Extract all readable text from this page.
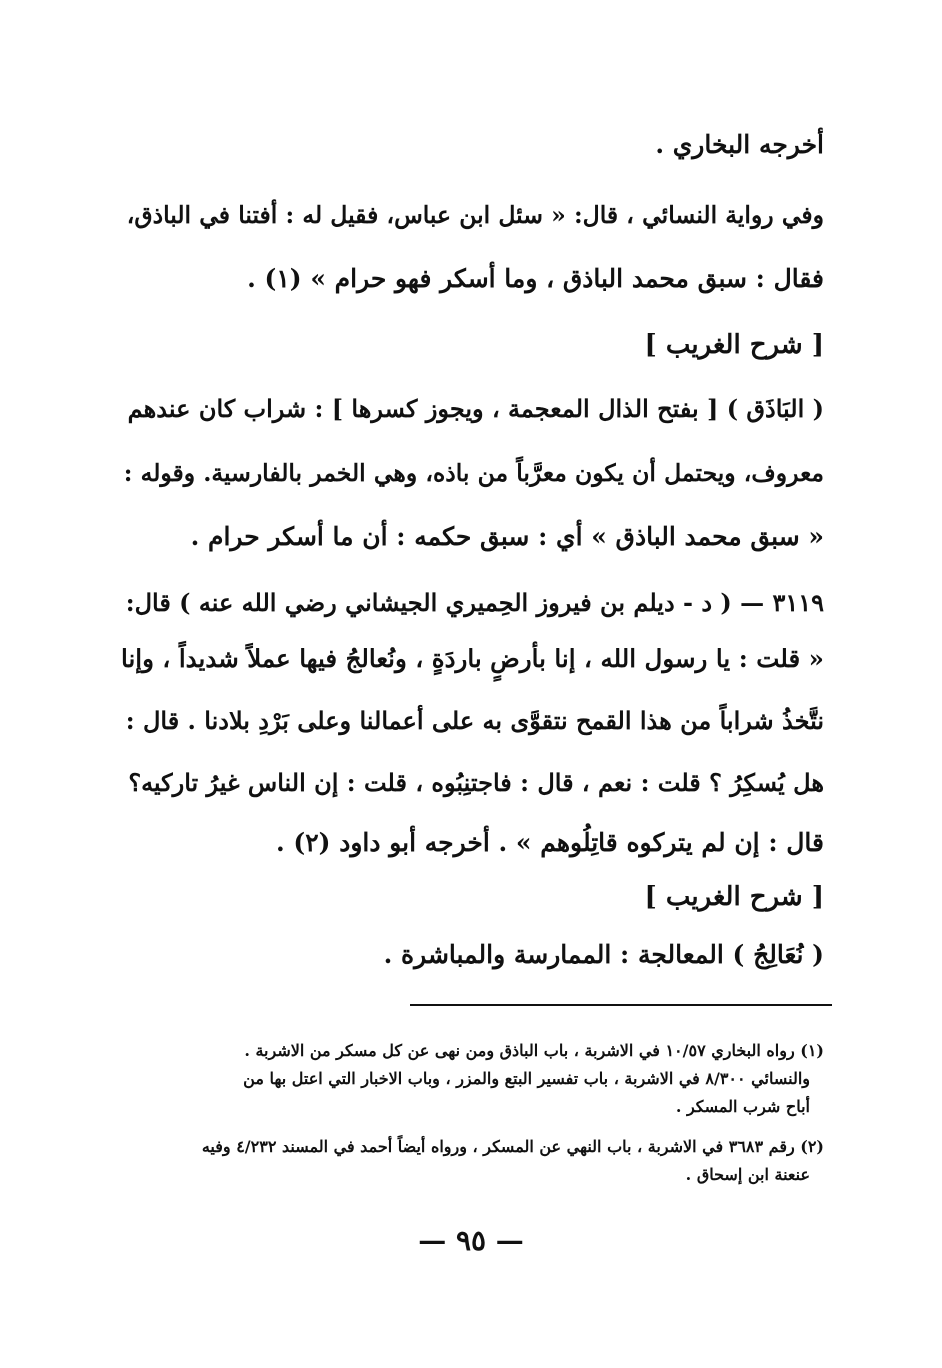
أخرجه البخاري .
وفي رواية النسائي ، قال: « سئل ابن عباس، فقيل له : أفتنا في الباذق،
فقال : سبق محمد الباذق ، وما أسكر فهو حرام » (١) .
[ شرح الغريب ]
( البَاذَق ) [ بفتح الذال المعجمة ، ويجوز كسرها ] : شراب كان عندهم
معروف، ويحتمل أن يكون معرَّباً من باذه، وهي الخمر بالفارسية. وقوله :
« سبق محمد الباذق » أي : سبق حكمه : أن ما أسكر حرام .
٣١١٩ — ( د - ديلم بن فيروز الحِميري الجيشاني رضي الله عنه ) قال:
« قلت : يا رسول الله ، إنا بأرضٍ باردَةٍ ، ونُعالجُ فيها عملاً شديداً ، وإنا
نتَّخذُ شراباً من هذا القمح نتقوَّى به على أعمالنا وعلى بَرْدِ بلادنا . قال :
هل يُسكِرُ ؟ قلت : نعم ، قال : فاجتنِبُوه ، قلت : إن الناس غيرُ تاركيه؟
قال : إن لم يتركوه قاتِلُوهم » . أخرجه أبو داود (٢) .
[ شرح الغريب ]
( نُعَالِجُ ) المعالجة : الممارسة والمباشرة .
(١) رواه البخاري ١٠/٥٧ في الاشربة ، باب الباذق ومن نهى عن كل مسكر من الاشربة .
والنسائي ٨/٣٠٠ في الاشربة ، باب تفسير البتع والمزر ، وباب الاخبار التي اعتل بها من
أباح شرب المسكر .
(٢) رقم ٣٦٨٣ في الاشربة ، باب النهي عن المسكر ، ورواه أيضاً أحمد في المسند ٤/٢٣٢ وفيه
عنعنة ابن إسحاق .
— ٩٥ —
